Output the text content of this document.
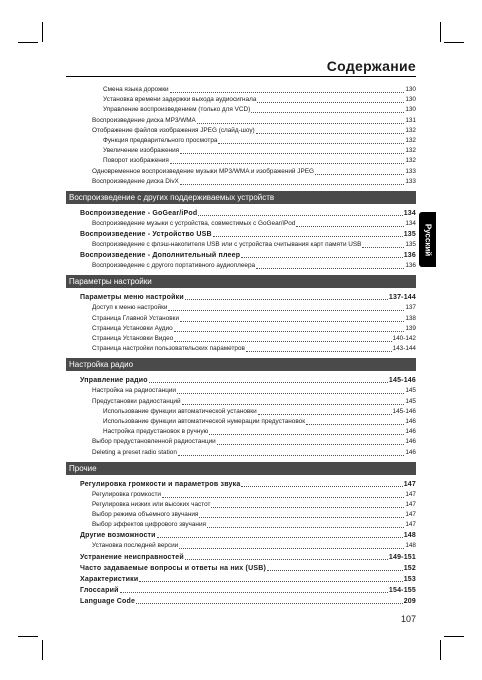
Содержание
Русский
Смена языка дорожки	130
Установка времени задержки выхода аудиосигнала	130
Управление воспроизведением (только для VCD)	130
Воспроизведение диска MP3/WMA	131
Отображение файлов изображения JPEG (слайд-шоу)	132
Функция предварительного просмотра	132
Увеличение изображения	132
Поворот изображения	132
Одновременное воспроизведение музыки MP3/WMA и изображений JPEG	133
Воспроизведение диска DivX	133
Воспроизведение с других поддерживаемых устройств
Воспроизведение - GoGear/iPod	134
Воспроизведение музыки с устройства, совместимых с GoGear/iPod	134
Воспроизведение - Устройство USB	135
Воспроизведение с флэш-накопителя USB или с устройства считывания карт памяти USB	135
Воспроизведение - Дополнительный плеер	136
Воспроизведение с другого портативного аудиоплеера	136
Параметры настройки
Параметры меню настройки	137-144
Доступ к меню настройки	137
Страница Главной Установки	138
Страница Установки Аудио	139
Страница Установки Видео	140-142
Страница настройки пользовательских параметров	143-144
Настройка радио
Управление радио	145-146
Настройка на радиостанции	145
Предустановки радиостанций	145
Использование функции автоматической установки	145-146
Использование функции автоматической нумерации предустановок	146
Настройка предустановок в ручную	146
Выбор предустановленной радиостанции	146
Deleting a preset radio station	146
Прочие
Регулировка громкости и параметров звука	147
Регулировка громкости	147
Регулировка низких или высоких частот	147
Выбор режима объемного звучания	147
Выбор эффектов цифрового звучания	147
Другие возможности	148
Установка последней версии	148
Устранение неисправностей	149-151
Часто задаваемые вопросы и ответы на них (USB)	152
Характеристики	153
Глоссарий	154-155
Language Code	209
107
